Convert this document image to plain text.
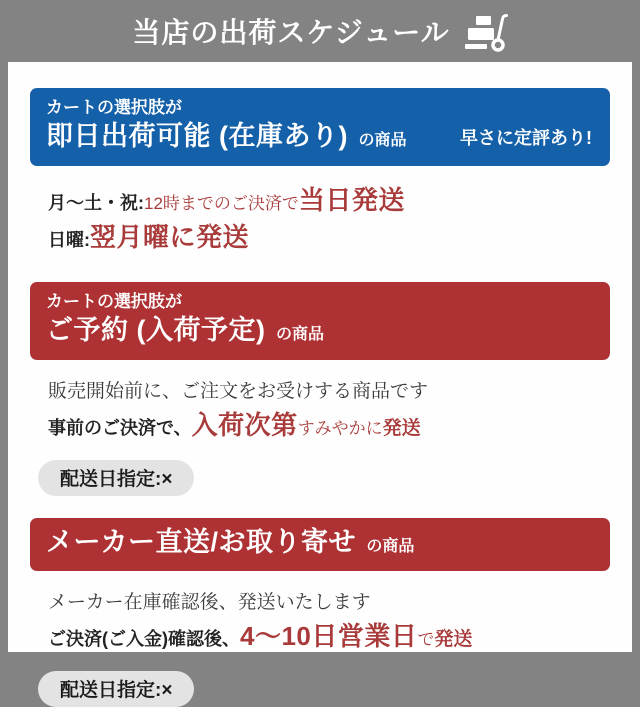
当店の出荷スケジュール
カートの選択肢が
即日出荷可能 (在庫あり) の商品	早さに定評あり!
月〜土・祝:12時までのご決済で当日発送
日曜:翌月曜に発送
カートの選択肢が
ご予約 (入荷予定) の商品
販売開始前に、ご注文をお受けする商品です
事前のご決済で、入荷次第すみやかに発送
配送日指定:×
メーカー直送/お取り寄せ の商品
メーカー在庫確認後、発送いたします
ご決済(ご入金)確認後、4〜10日営業日で発送
配送日指定:×
